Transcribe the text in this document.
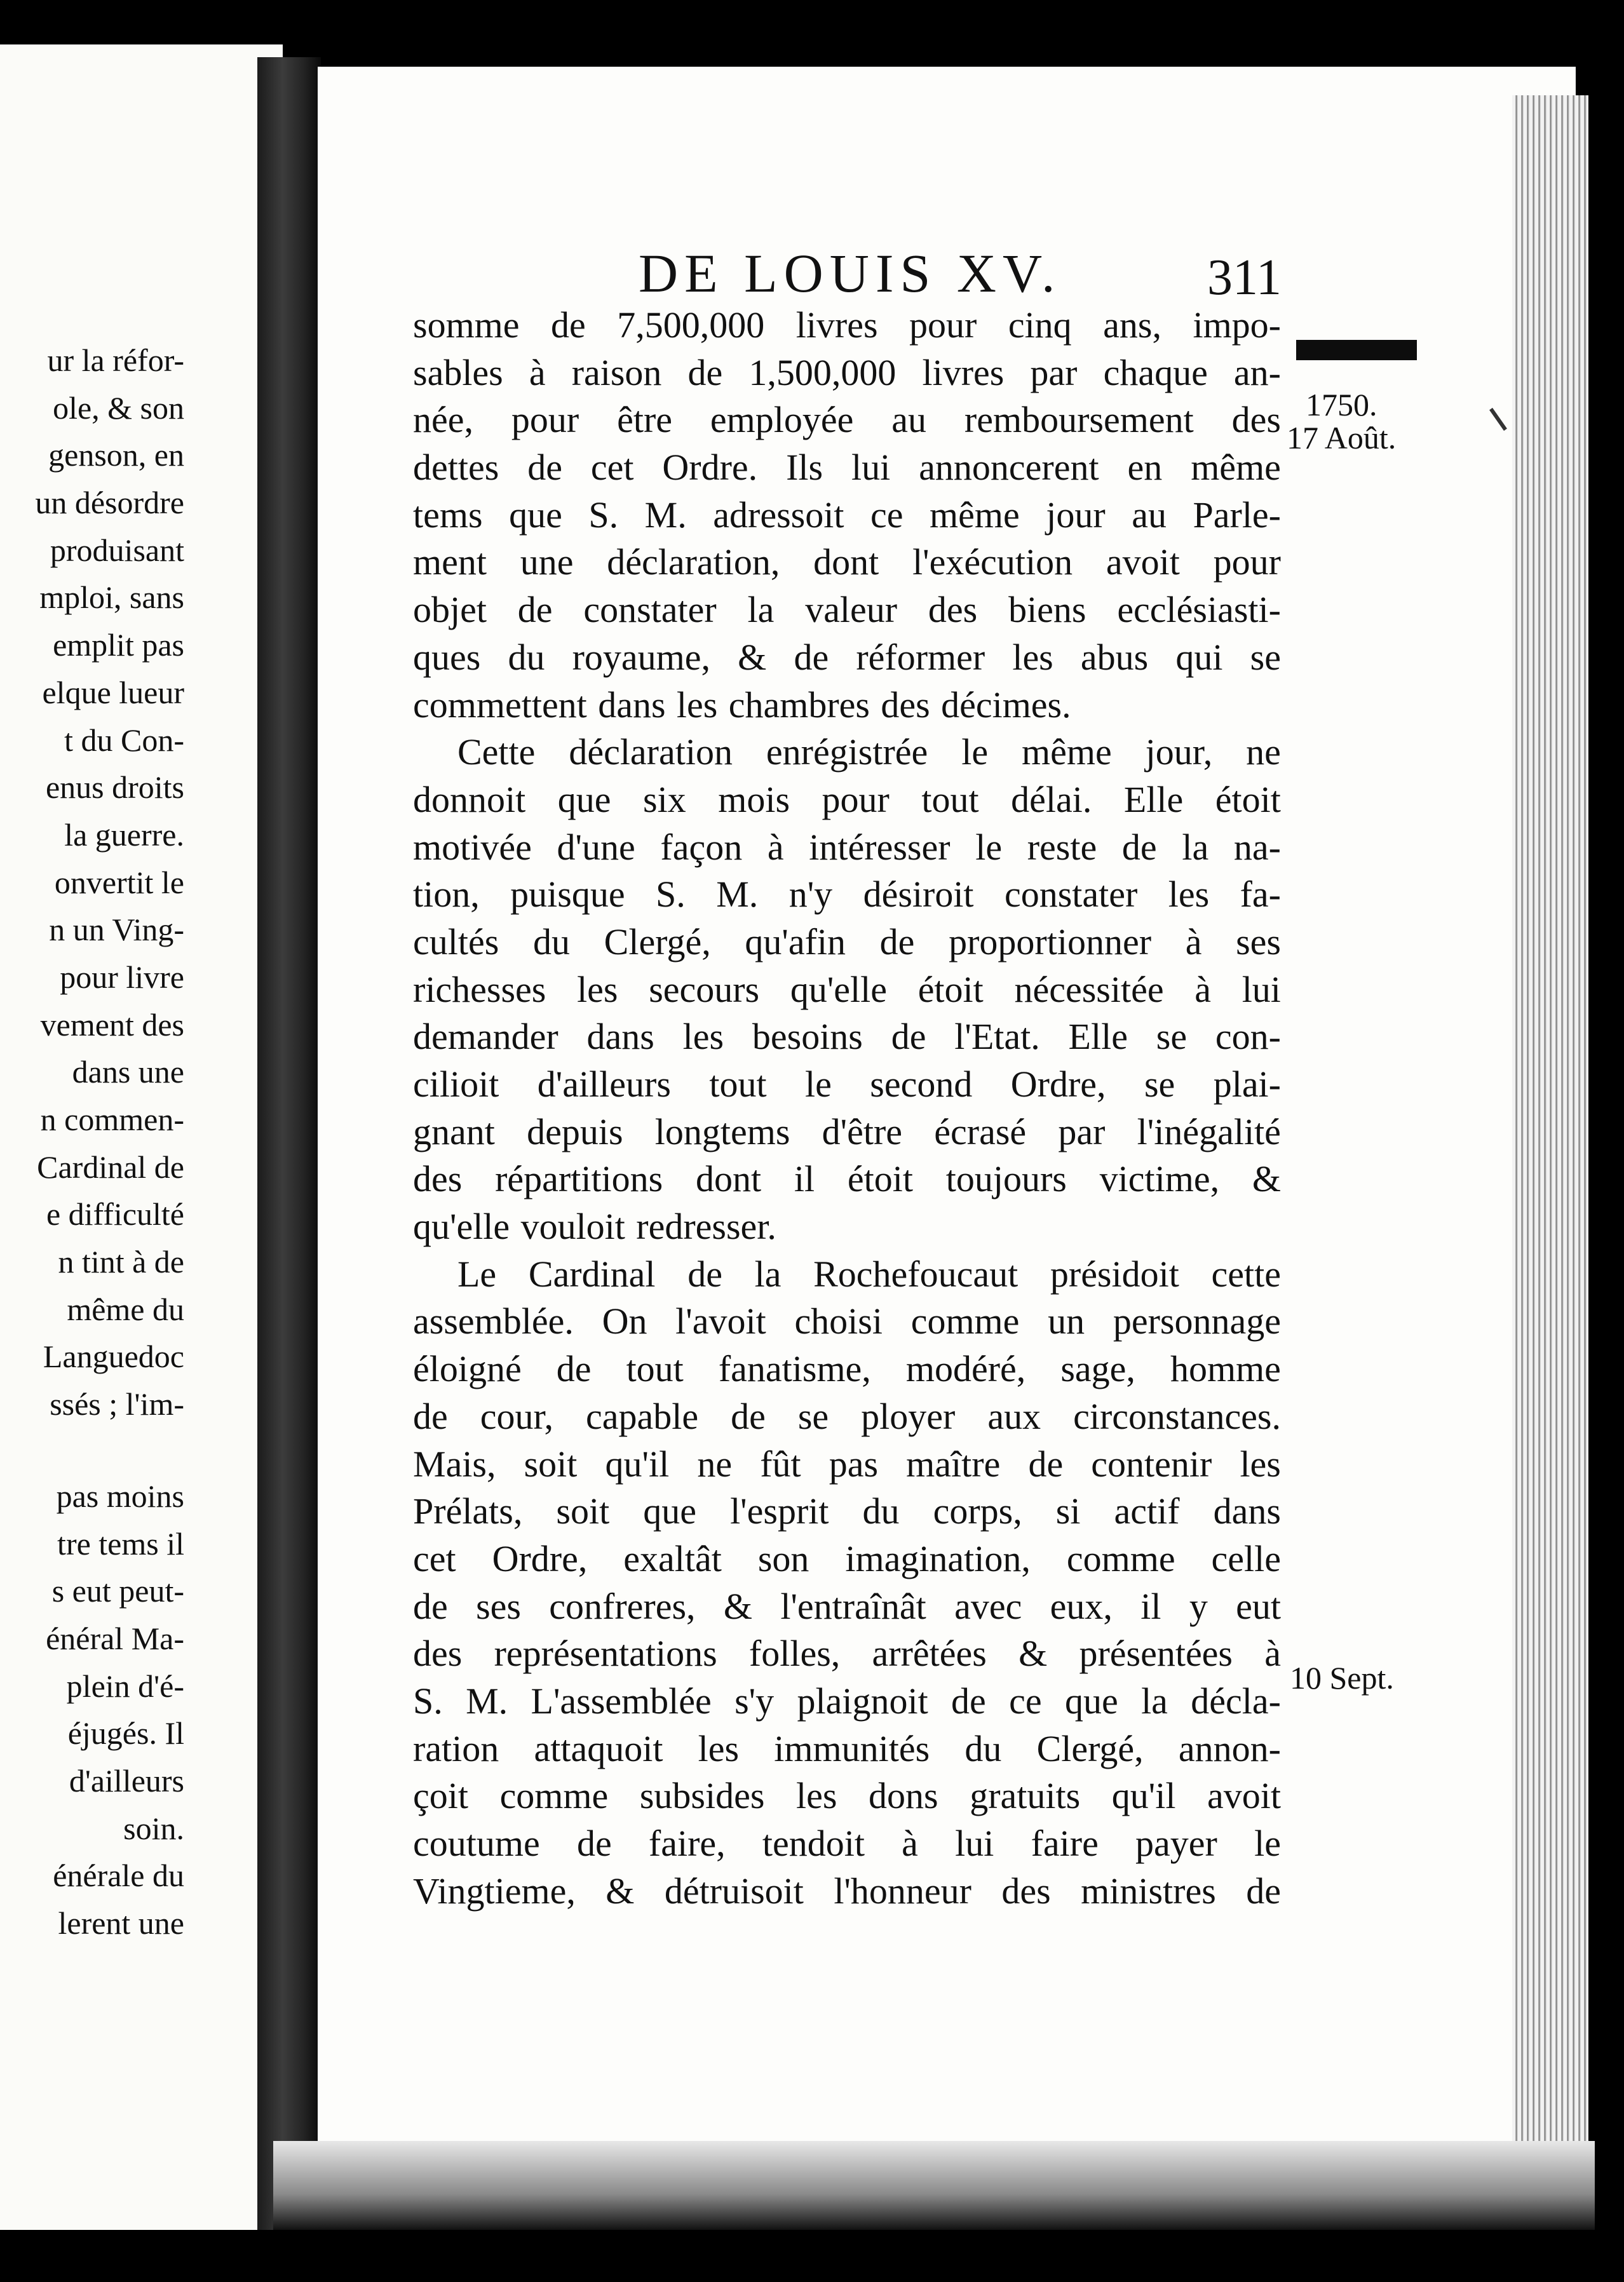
ur la réfor-
ole, & son
genson, en
un désordre
produisant
mploi, sans
emplit pas
elque lueur
t du Con-
enus droits
la guerre.
onvertit le
n un Ving-
pour livre
vement des
dans une
n commen-
Cardinal de
e difficulté
n tint à de
même du
Languedoc
ssés ; l'im-
pas moins
tre tems il
s eut peut-
énéral Ma-
plein d'é-
éjugés. Il
d'ailleurs
soin.
énérale du
lerent une
DE LOUIS XV.	311
1750.
17 Août.
10 Sept.
somme de 7,500,000 livres pour cinq ans, impo-
sables à raison de 1,500,000 livres par chaque an-
née, pour être employée au remboursement des
dettes de cet Ordre. Ils lui annoncerent en même
tems que S. M. adressoit ce même jour au Parle-
ment une déclaration, dont l'exécution avoit pour
objet de constater la valeur des biens ecclésiasti-
ques du royaume, & de réformer les abus qui se
commettent dans les chambres des décimes.
Cette déclaration enrégistrée le même jour, ne
donnoit que six mois pour tout délai. Elle étoit
motivée d'une façon à intéresser le reste de la na-
tion, puisque S. M. n'y désiroit constater les fa-
cultés du Clergé, qu'afin de proportionner à ses
richesses les secours qu'elle étoit nécessitée à lui
demander dans les besoins de l'Etat. Elle se con-
cilioit d'ailleurs tout le second Ordre, se plai-
gnant depuis longtems d'être écrasé par l'inégalité
des répartitions dont il étoit toujours victime, &
qu'elle vouloit redresser.
Le Cardinal de la Rochefoucaut présidoit cette
assemblée. On l'avoit choisi comme un personnage
éloigné de tout fanatisme, modéré, sage, homme
de cour, capable de se ployer aux circonstances.
Mais, soit qu'il ne fût pas maître de contenir les
Prélats, soit que l'esprit du corps, si actif dans
cet Ordre, exaltât son imagination, comme celle
de ses confreres, & l'entraînât avec eux, il y eut
des représentations folles, arrêtées & présentées à
S. M. L'assemblée s'y plaignoit de ce que la décla-
ration attaquoit les immunités du Clergé, annon-
çoit comme subsides les dons gratuits qu'il avoit
coutume de faire, tendoit à lui faire payer le
Vingtieme, & détruisoit l'honneur des ministres de
